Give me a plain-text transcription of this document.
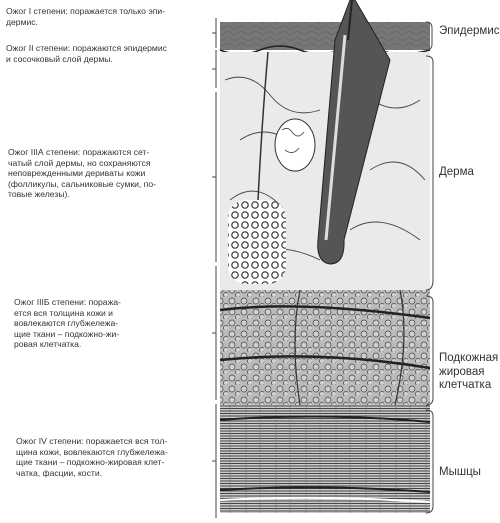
Ожог I степени: поражается только эпи-
дермис.
Ожог II степени: поражаются эпидермис
и сосочковый слой дермы.
Ожог IIIА степени: поражаются сет-
чатый слой дермы, но сохраняются
неповрежденными дериваты кожи
(фолликулы, сальниковые сумки, по-
товые железы).
Ожог IIIБ степени: поража-
ется вся толщина кожи и
вовлекаются глубжележа-
щие ткани – подкожно-жи-
ровая клетчатка.
Ожог IV степени: поражается вся тол-
щина кожи, вовлекаются глубжележа-
щие ткани – подкожно-жировая клет-
чатка, фасции, кости.
Эпидермис
Дерма
Подкожная
жировая
клетчатка
Мышцы
